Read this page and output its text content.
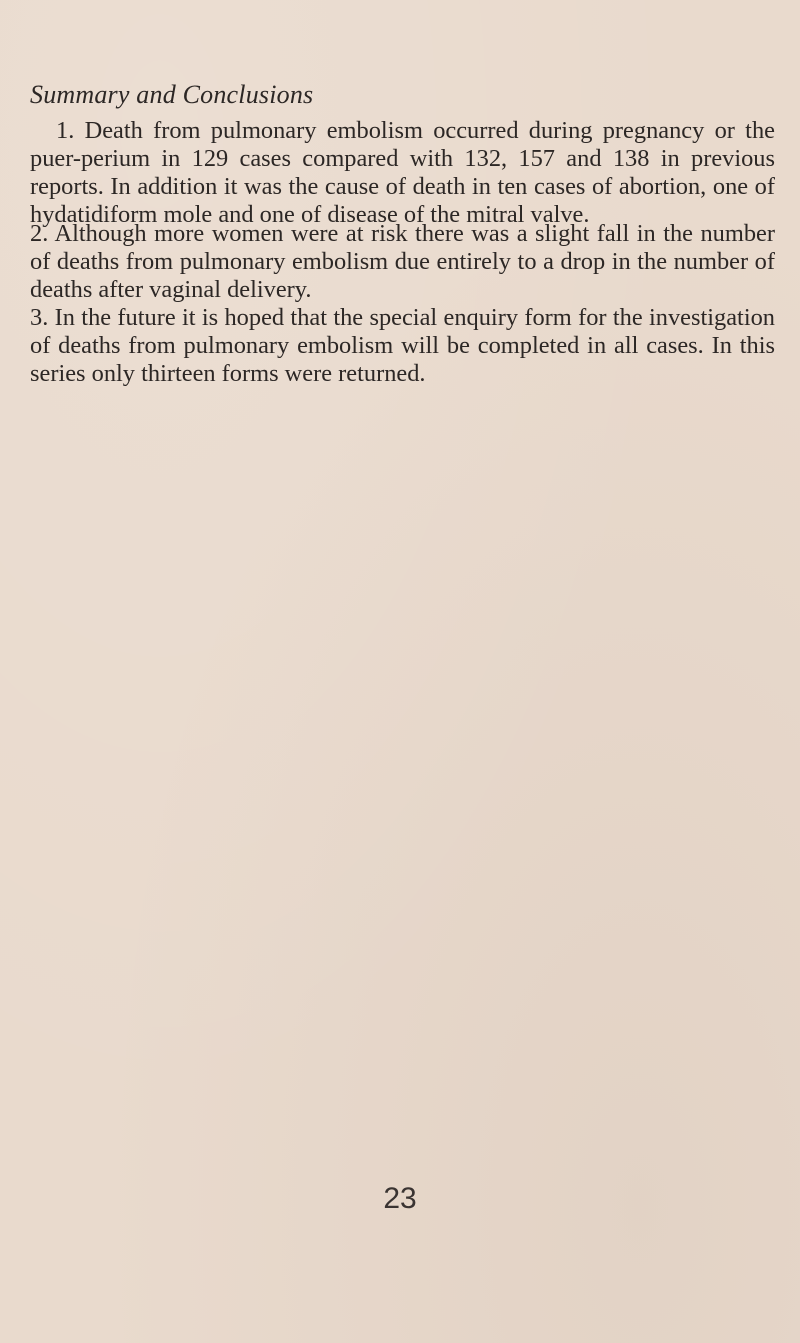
Summary and Conclusions

1. Death from pulmonary embolism occurred during pregnancy or the puer-perium in 129 cases compared with 132, 157 and 138 in previous reports. In addition it was the cause of death in ten cases of abortion, one of hydatidiform mole and one of disease of the mitral valve.

2. Although more women were at risk there was a slight fall in the number of deaths from pulmonary embolism due entirely to a drop in the number of deaths after vaginal delivery.

3. In the future it is hoped that the special enquiry form for the investigation of deaths from pulmonary embolism will be completed in all cases. In this series only thirteen forms were returned.

23
